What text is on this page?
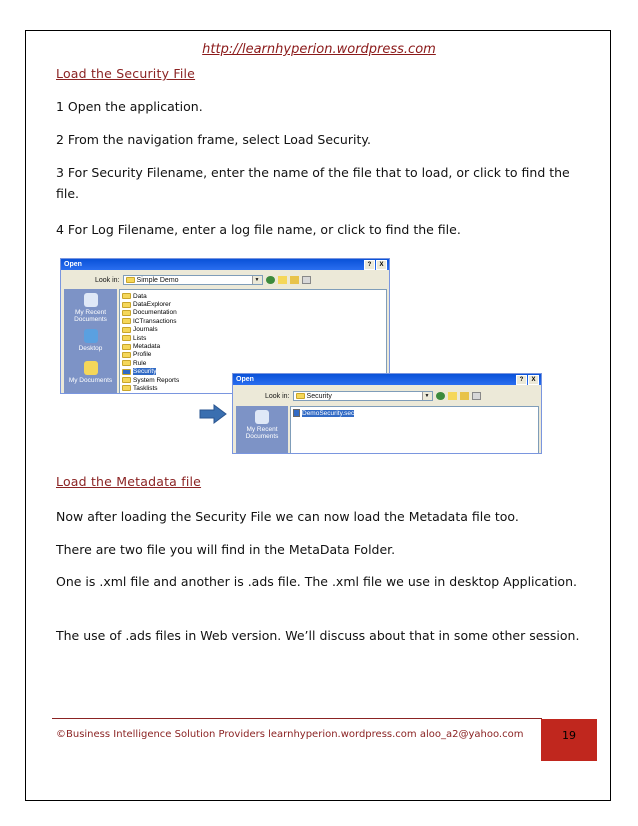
http://learnhyperion.wordpress.com
Load the Security File
1 Open the application.
2 From the navigation frame, select Load Security.
3 For Security Filename, enter the name of the file that to load, or click to find the file.
4 For Log Filename, enter a log file name, or click to find the file.
Open	?	X
Look in: Simple Demo	▼
My Recent Documents
Desktop
My Documents
Data
DataExplorer
Documentation
ICTransactions
Journals
Lists
Metadata
Profile
Rule
Security
System Reports
Tasklists
Open	?	X
Look in: Security	▼
My Recent Documents
DemoSecurity.sec
Load the Metadata file
Now after loading the Security File we can now load the Metadata file too.
There are two file you will find in the MetaData Folder.
One is .xml file and another is .ads file. The .xml file we use in desktop Application.
The use of .ads files in Web version. We’ll discuss about that in some other session.
©Business Intelligence Solution Providers learnhyperion.wordpress.com aloo_a2@yahoo.com	19
